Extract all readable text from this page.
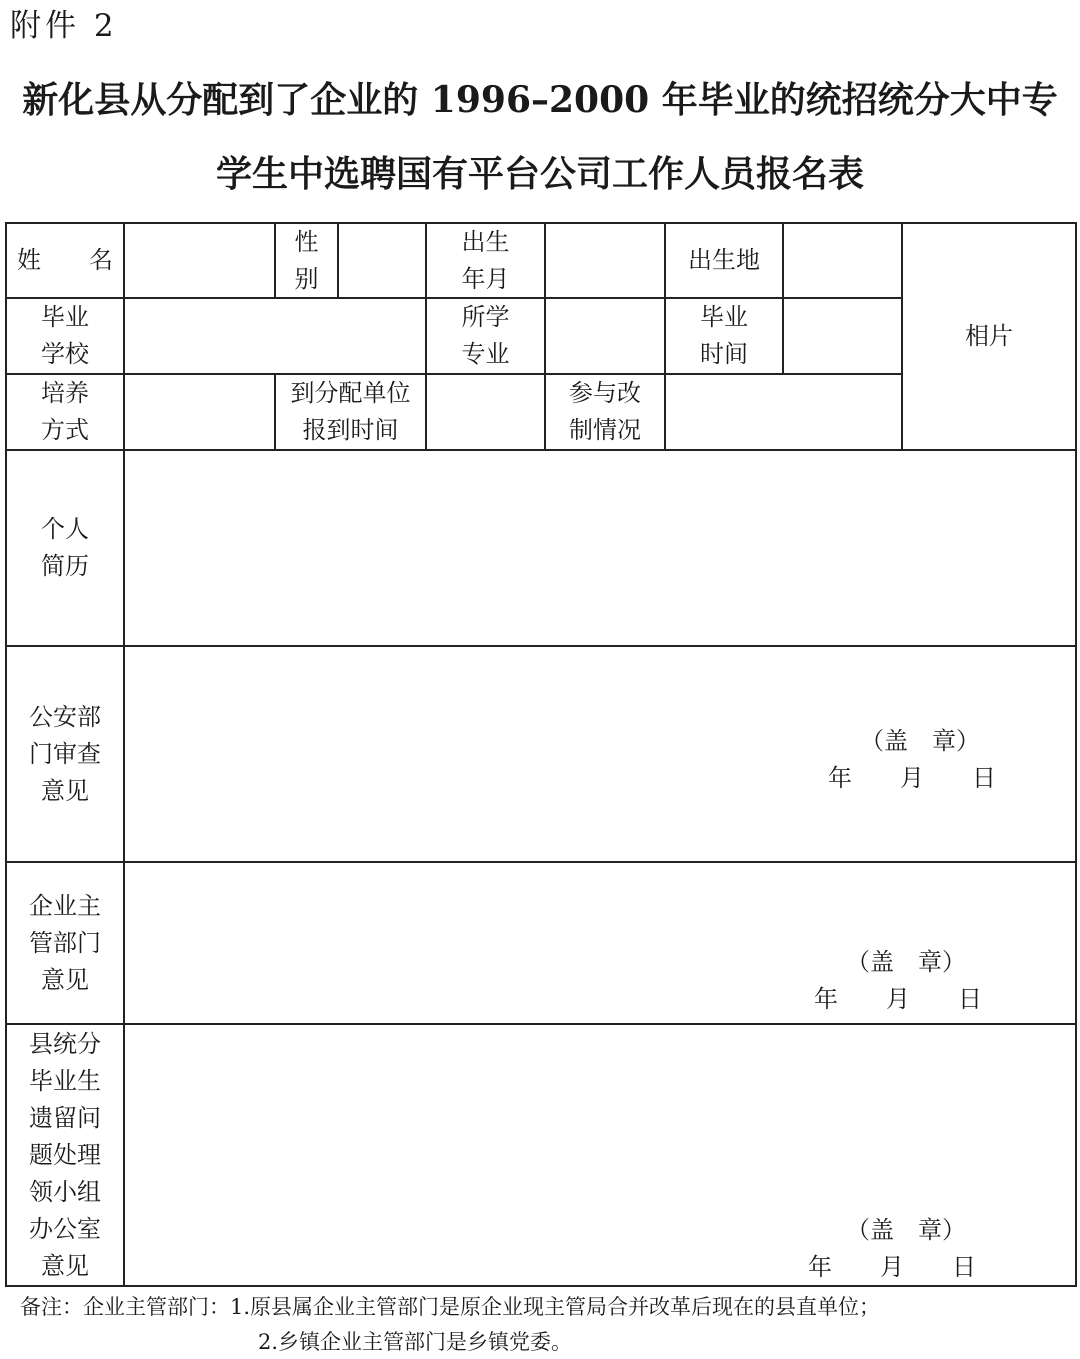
附件 2
新化县从分配到了企业的 1996–2000 年毕业的统招统分大中专
学生中选聘国有平台公司工作人员报名表
姓　　名
性
别
出生
年月
出生地
相片
毕业
学校
所学
专业
毕业
时间
培养
方式
到分配单位
报到时间
参与改
制情况
个人
简历
公安部
门审查
意见
（盖　章）
年　　月　　日
企业主
管部门
意见
（盖　章）
年　　月　　日
县统分
毕业生
遗留问
题处理
领小组
办公室
意见
（盖　章）
年　　月　　日
备注：企业主管部门：1.原县属企业主管部门是原企业现主管局合并改革后现在的县直单位；
2.乡镇企业主管部门是乡镇党委。
